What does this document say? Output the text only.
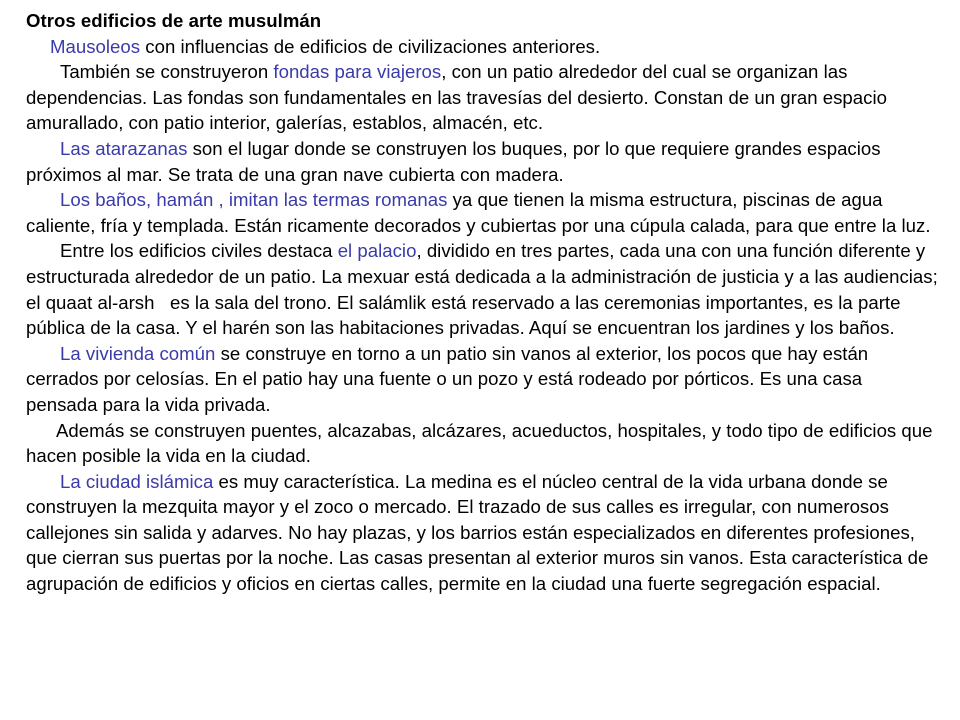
Otros edificios de arte musulmán

Mausoleos con influencias de edificios de civilizaciones anteriores.

También se construyeron fondas para viajeros, con un patio alrededor del cual se organizan las dependencias. Las fondas son fundamentales en las travesías del desierto. Constan de un gran espacio amurallado, con patio interior, galerías, establos, almacén, etc.

Las atarazanas son el lugar donde se construyen los buques, por lo que requiere grandes espacios próximos al mar. Se trata de una gran nave cubierta con madera.

Los baños, hamán , imitan las termas romanas ya que tienen la misma estructura, piscinas de agua caliente, fría y templada. Están ricamente decorados y cubiertas por una cúpula calada, para que entre la luz.

Entre los edificios civiles destaca el palacio, dividido en tres partes, cada una con una función diferente y estructurada alrededor de un patio. La mexuar está dedicada a la administración de justicia y a las audiencias; el quaat al-arsh   es la sala del trono. El salámlik está reservado a las ceremonias importantes, es la parte pública de la casa. Y el harén son las habitaciones privadas. Aquí se encuentran los jardines y los baños.

La vivienda común se construye en torno a un patio sin vanos al exterior, los pocos que hay están cerrados por celosías. En el patio hay una fuente o un pozo y está rodeado por pórticos. Es una casa pensada para la vida privada.

Además se construyen puentes, alcazabas, alcázares, acueductos, hospitales, y todo tipo de edificios que hacen posible la vida en la ciudad.

La ciudad islámica es muy característica. La medina es el núcleo central de la vida urbana donde se construyen la mezquita mayor y el zoco o mercado. El trazado de sus calles es irregular, con numerosos callejones sin salida y adarves. No hay plazas, y los barrios están especializados en diferentes profesiones, que cierran sus puertas por la noche. Las casas presentan al exterior muros sin vanos. Esta característica de agrupación de edificios y oficios en ciertas calles, permite en la ciudad una fuerte segregación espacial.
